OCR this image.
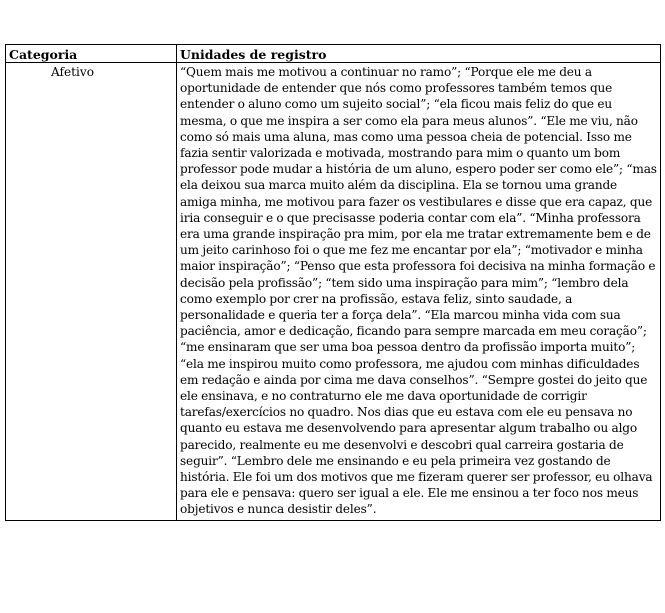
Categoria	Unidades de registro
Afetivo	“Quem mais me motivou a continuar no ramo”; “Porque ele me deu a oportunidade de entender que nós como professores também temos que entender o aluno como um sujeito social”; “ela ficou mais feliz do que eu mesma, o que me inspira a ser como ela para meus alunos”. “Ele me viu, não como só mais uma aluna, mas como uma pessoa cheia de potencial. Isso me fazia sentir valorizada e motivada, mostrando para mim o quanto um bom professor pode mudar a história de um aluno, espero poder ser como ele”; “mas ela deixou sua marca muito além da disciplina. Ela se tornou uma grande amiga minha, me motivou para fazer os vestibulares e disse que era capaz, que iria conseguir e o que precisasse poderia contar com ela”. “Minha professora era uma grande inspiração pra mim, por ela me tratar extremamente bem e de um jeito carinhoso foi o que me fez me encantar por ela”; “motivador e minha maior inspiração”; “Penso que esta professora foi decisiva na minha formação e decisão pela profissão”; “tem sido uma inspiração para mim”; “lembro dela como exemplo por crer na profissão, estava feliz, sinto saudade, a personalidade e queria ter a força dela”. “Ela marcou minha vida com sua paciência, amor e dedicação, ficando para sempre marcada em meu coração”; “me ensinaram que ser uma boa pessoa dentro da profissão importa muito”; “ela me inspirou muito como professora, me ajudou com minhas dificuldades em redação e ainda por cima me dava conselhos”. “Sempre gostei do jeito que ele ensinava, e no contraturno ele me dava oportunidade de corrigir tarefas/exercícios no quadro. Nos dias que eu estava com ele eu pensava no quanto eu estava me desenvolvendo para apresentar algum trabalho ou algo parecido, realmente eu me desenvolvi e descobri qual carreira gostaria de seguir”. “Lembro dele me ensinando e eu pela primeira vez gostando de história. Ele foi um dos motivos que me fizeram querer ser professor, eu olhava para ele e pensava: quero ser igual a ele. Ele me ensinou a ter foco nos meus objetivos e nunca desistir deles”.
